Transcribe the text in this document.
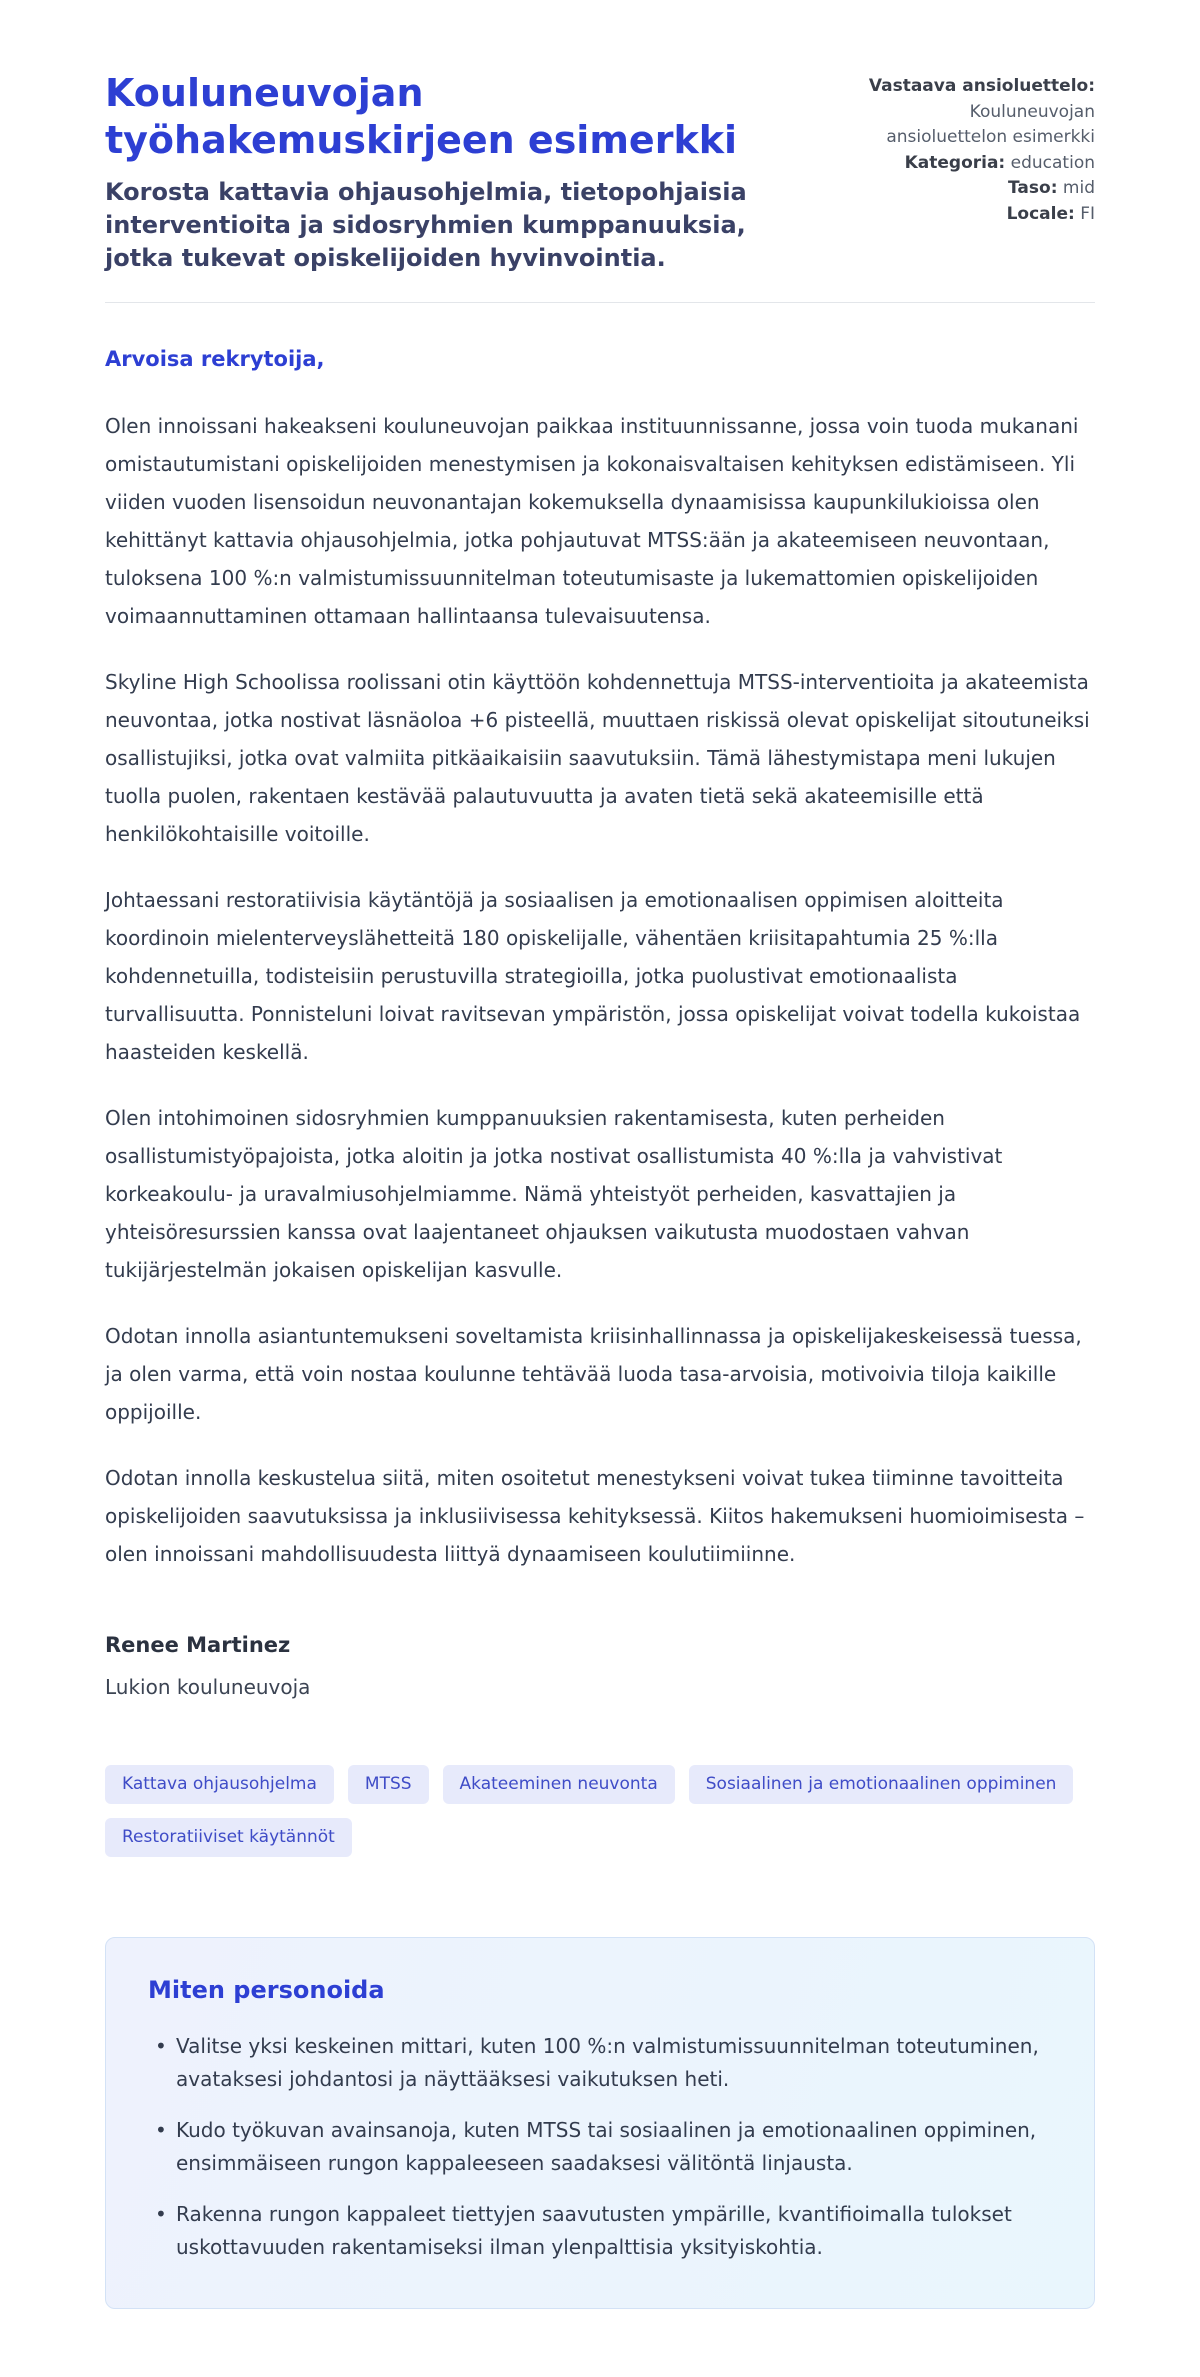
Kouluneuvojan työhakemuskirjeen esimerkki

Korosta kattavia ohjausohjelmia, tietopohjaisia interventioita ja sidosryhmien kumppanuuksia, jotka tukevat opiskelijoiden hyvinvointia.

Vastaava ansioluettelo:
Kouluneuvojan ansioluettelon esimerkki
Kategoria: education
Taso: mid
Locale: FI

Arvoisa rekrytoija,

Olen innoissani hakeakseni kouluneuvojan paikkaa instituunnissanne, jossa voin tuoda mukanani omistautumistani opiskelijoiden menestymisen ja kokonaisvaltaisen kehityksen edistämiseen. Yli viiden vuoden lisensoidun neuvonantajan kokemuksella dynaamisissa kaupunkilukioissa olen kehittänyt kattavia ohjausohjelmia, jotka pohjautuvat MTSS:ään ja akateemiseen neuvontaan, tuloksena 100 %:n valmistumissuunnitelman toteutumisaste ja lukemattomien opiskelijoiden voimaannuttaminen ottamaan hallintaansa tulevaisuutensa.

Skyline High Schoolissa roolissani otin käyttöön kohdennettuja MTSS-interventioita ja akateemista neuvontaa, jotka nostivat läsnäoloa +6 pisteellä, muuttaen riskissä olevat opiskelijat sitoutuneiksi osallistujiksi, jotka ovat valmiita pitkäaikaisiin saavutuksiin. Tämä lähestymistapa meni lukujen tuolla puolen, rakentaen kestävää palautuvuutta ja avaten tietä sekä akateemisille että henkilökohtaisille voitoille.

Johtaessani restoratiivisia käytäntöjä ja sosiaalisen ja emotionaalisen oppimisen aloitteita koordinoin mielenterveyslähetteitä 180 opiskelijalle, vähentäen kriisitapahtumia 25 %:lla kohdennetuilla, todisteisiin perustuvilla strategioilla, jotka puolustivat emotionaalista turvallisuutta. Ponnisteluni loivat ravitsevan ympäristön, jossa opiskelijat voivat todella kukoistaa haasteiden keskellä.

Olen intohimoinen sidosryhmien kumppanuuksien rakentamisesta, kuten perheiden osallistumistyöpajoista, jotka aloitin ja jotka nostivat osallistumista 40 %:lla ja vahvistivat korkeakoulu- ja uravalmiusohjelmiamme. Nämä yhteistyöt perheiden, kasvattajien ja yhteisöresurssien kanssa ovat laajentaneet ohjauksen vaikutusta muodostaen vahvan tukijärjestelmän jokaisen opiskelijan kasvulle.

Odotan innolla asiantuntemukseni soveltamista kriisinhallinnassa ja opiskelijakeskeisessä tuessa, ja olen varma, että voin nostaa koulunne tehtävää luoda tasa-arvoisia, motivoivia tiloja kaikille oppijoille.

Odotan innolla keskustelua siitä, miten osoitetut menestykseni voivat tukea tiiminne tavoitteita opiskelijoiden saavutuksissa ja inklusiivisessa kehityksessä. Kiitos hakemukseni huomioimisesta – olen innoissani mahdollisuudesta liittyä dynaamiseen koulutiimiinne.

Renee Martinez

Lukion kouluneuvoja

Kattava ohjausohjelma	MTSS	Akateeminen neuvonta	Sosiaalinen ja emotionaalinen oppiminen
Restoratiiviset käytännöt
Miten personoida
• Valitse yksi keskeinen mittari, kuten 100 %:n valmistumissuunnitelman toteutuminen, avataksesi johdantosi ja näyttääksesi vaikutuksen heti.
• Kudo työkuvan avainsanoja, kuten MTSS tai sosiaalinen ja emotionaalinen oppiminen, ensimmäiseen rungon kappaleeseen saadaksesi välitöntä linjausta.
• Rakenna rungon kappaleet tiettyjen saavutusten ympärille, kvantifioimalla tulokset uskottavuuden rakentamiseksi ilman ylenpalttisia yksityiskohtia.
